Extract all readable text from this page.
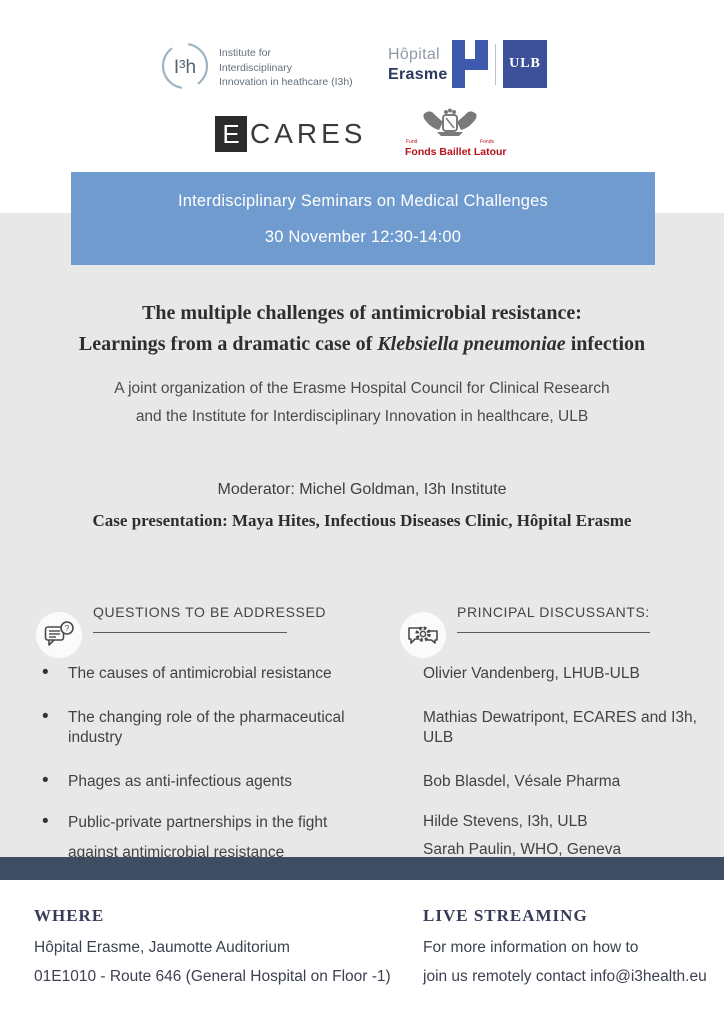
I³h
Institute for
Interdisciplinary
Innovation in heathcare (I3h)
Hôpital
Erasme
ULB
E CARES	Fund	Fonds
Fonds Baillet Latour
Interdisciplinary Seminars on Medical Challenges
30 November 12:30-14:00
The multiple challenges of antimicrobial resistance:
Learnings from a dramatic case of Klebsiella pneumoniae infection
A joint organization of the Erasme Hospital Council for Clinical Research
and the Institute for Interdisciplinary Innovation in healthcare, ULB
Moderator: Michel Goldman, I3h Institute
Case presentation: Maya Hites, Infectious Diseases Clinic, Hôpital Erasme
?
QUESTIONS TO BE ADDRESSED
• The causes of antimicrobial resistance
• The changing role of the pharmaceutical industry
• Phages as anti-infectious agents
• Public-private partnerships in the fight against antimicrobial resistance
PRINCIPAL DISCUSSANTS:
Olivier Vandenberg, LHUB-ULB
Mathias Dewatripont, ECARES and I3h, ULB
Bob Blasdel, Vésale Pharma
Hilde Stevens, I3h, ULB
Sarah Paulin, WHO, Geneva
WHERE
Hôpital Erasme, Jaumotte Auditorium
01E1010 - Route 646 (General Hospital on Floor -1)
LIVE STREAMING
For more information on how to
join us remotely contact info@i3health.eu
